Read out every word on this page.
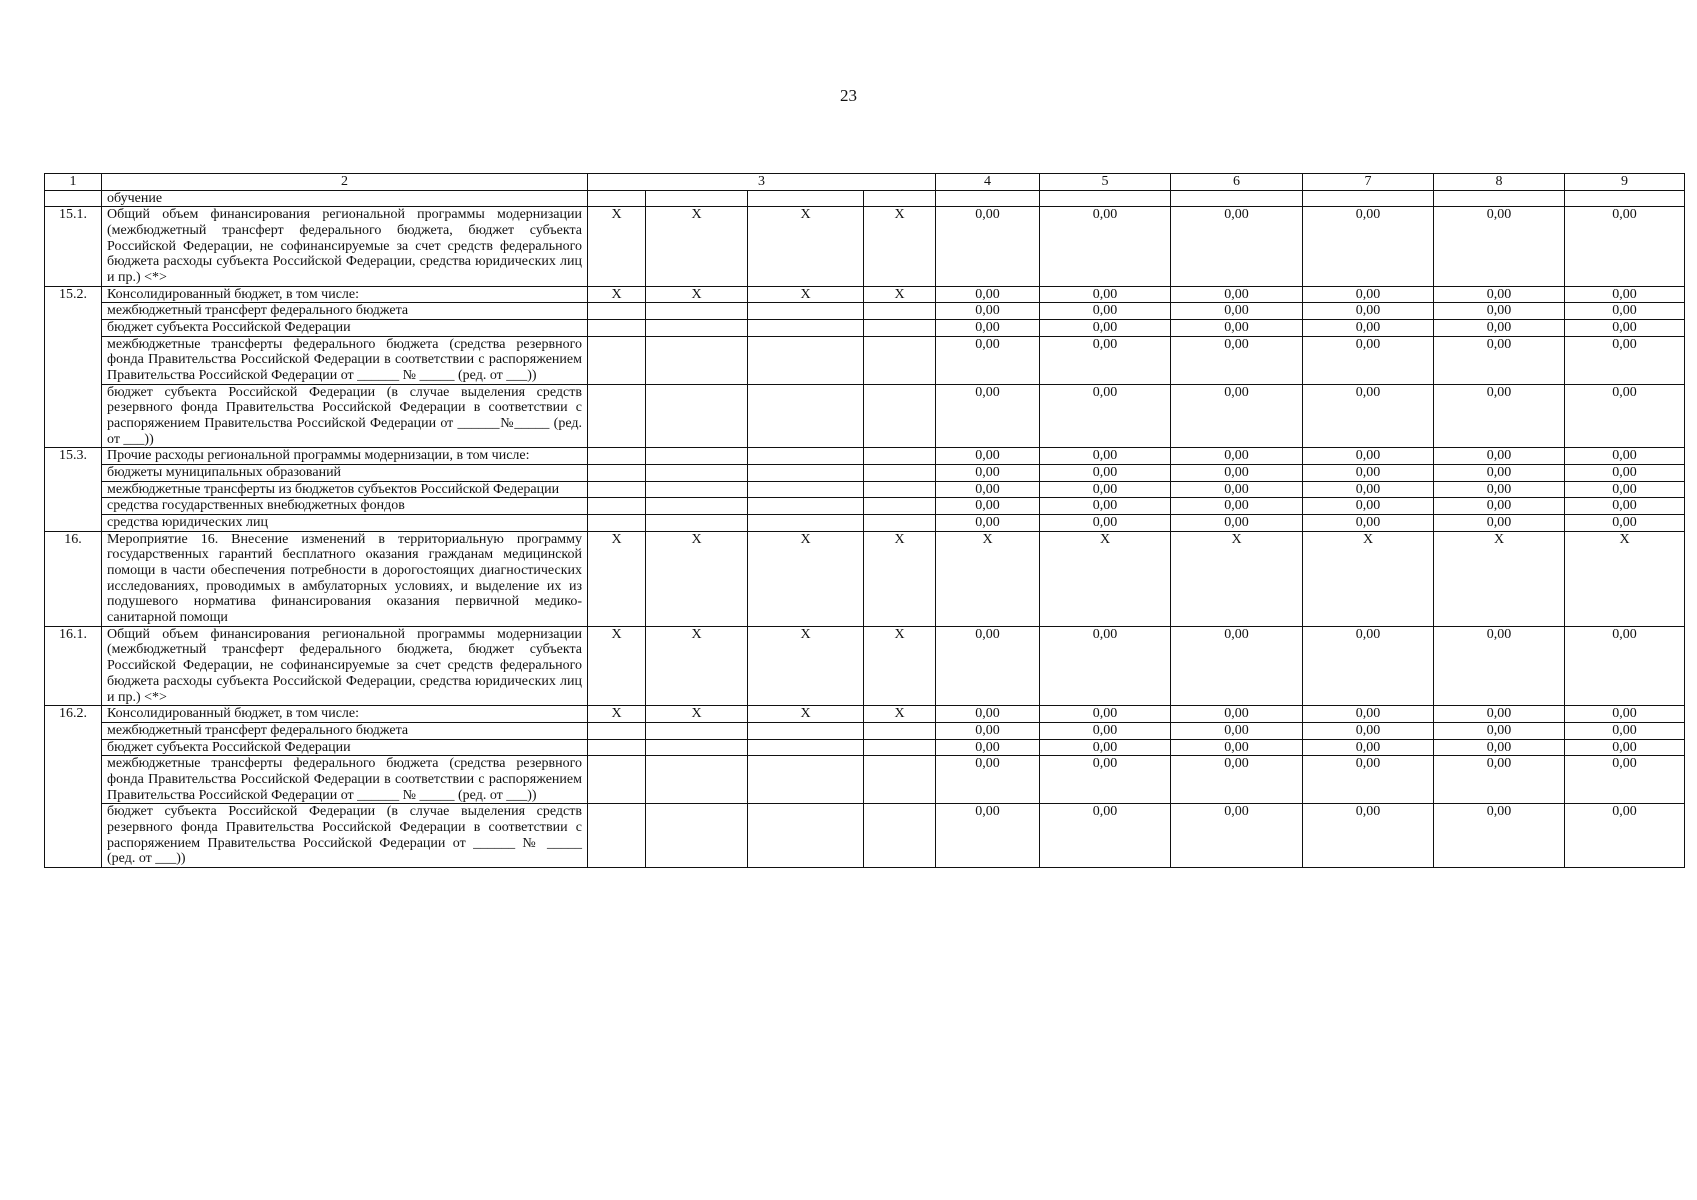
23
1	2	3				4	5	6	7	8	9
	обучение										
15.1.	Общий объем финансирования региональной программы модернизации (межбюджетный трансферт федерального бюджета, бюджет субъекта Российской Федерации, не софинансируемые за счет средств федерального бюджета расходы субъекта Российской Федерации, средства юридических лиц и пр.) <*>	X	X	X	X	0,00	0,00	0,00	0,00	0,00	0,00
15.2.	Консолидированный бюджет, в том числе:	X	X	X	X	0,00	0,00	0,00	0,00	0,00	0,00
	межбюджетный трансферт федерального бюджета					0,00	0,00	0,00	0,00	0,00	0,00
	бюджет субъекта Российской Федерации					0,00	0,00	0,00	0,00	0,00	0,00
	межбюджетные трансферты федерального бюджета (средства резервного фонда Правительства Российской Федерации в соответствии с распоряжением Правительства Российской Федерации от ______ № _____ (ред. от ___))					0,00	0,00	0,00	0,00	0,00	0,00
	бюджет субъекта Российской Федерации (в случае выделения средств резервного фонда Правительства Российской Федерации в соответствии с распоряжением Правительства Российской Федерации от ______№_____ (ред. от ___))					0,00	0,00	0,00	0,00	0,00	0,00
15.3.	Прочие расходы региональной программы модернизации, в том числе:					0,00	0,00	0,00	0,00	0,00	0,00
	бюджеты муниципальных образований					0,00	0,00	0,00	0,00	0,00	0,00
	межбюджетные трансферты из бюджетов субъектов Российской Федерации					0,00	0,00	0,00	0,00	0,00	0,00
	средства государственных внебюджетных фондов					0,00	0,00	0,00	0,00	0,00	0,00
	средства юридических лиц					0,00	0,00	0,00	0,00	0,00	0,00
16.	Мероприятие 16. Внесение изменений в территориальную программу государственных гарантий бесплатного оказания гражданам медицинской помощи в части обеспечения потребности в дорогостоящих диагностических исследованиях, проводимых в амбулаторных условиях, и выделение их из подушевого норматива финансирования оказания первичной медико-санитарной помощи	X	X	X	X	X	X	X	X	X	X
16.1.	Общий объем финансирования региональной программы модернизации (межбюджетный трансферт федерального бюджета, бюджет субъекта Российской Федерации, не софинансируемые за счет средств федерального бюджета расходы субъекта Российской Федерации, средства юридических лиц и пр.) <*>	X	X	X	X	0,00	0,00	0,00	0,00	0,00	0,00
16.2.	Консолидированный бюджет, в том числе:	X	X	X	X	0,00	0,00	0,00	0,00	0,00	0,00
	межбюджетный трансферт федерального бюджета					0,00	0,00	0,00	0,00	0,00	0,00
	бюджет субъекта Российской Федерации					0,00	0,00	0,00	0,00	0,00	0,00
	межбюджетные трансферты федерального бюджета (средства резервного фонда Правительства Российской Федерации в соответствии с распоряжением Правительства Российской Федерации от ______ № _____ (ред. от ___))					0,00	0,00	0,00	0,00	0,00	0,00
	бюджет субъекта Российской Федерации (в случае выделения средств резервного фонда Правительства Российской Федерации в соответствии с распоряжением Правительства Российской Федерации от ______ № _____ (ред. от ___))					0,00	0,00	0,00	0,00	0,00	0,00
